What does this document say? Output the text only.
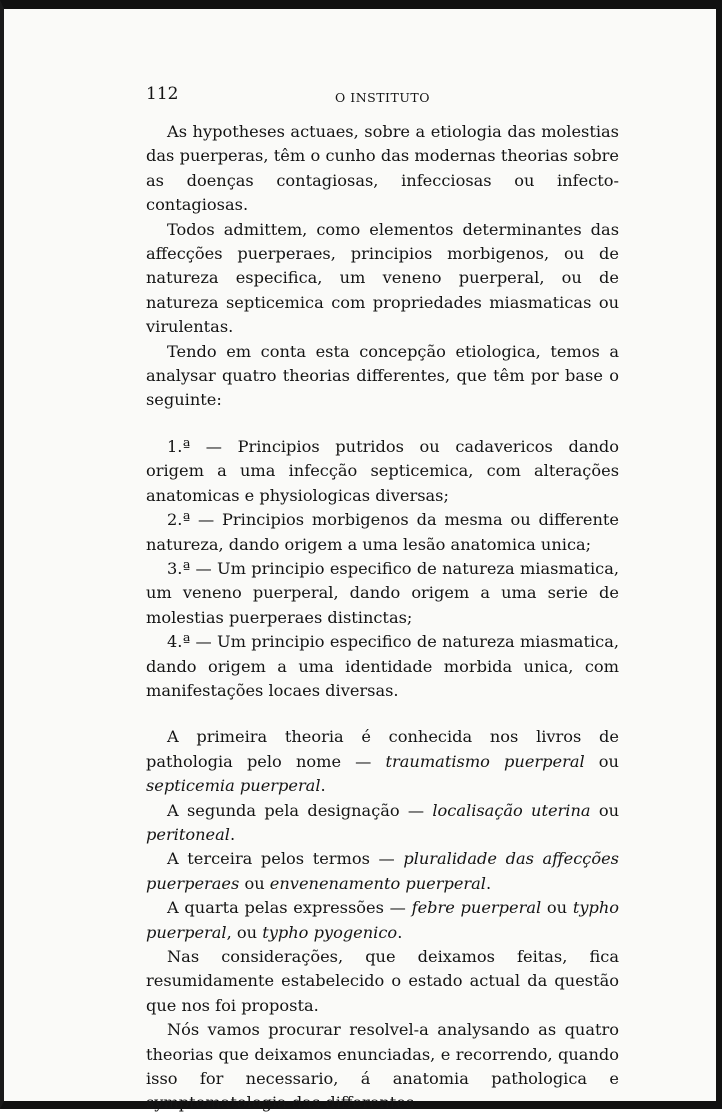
112	O INSTITUTO

As hypotheses actuaes, sobre a etiologia das molestias das puerperas, têm o cunho das modernas theorias sobre as doenças contagiosas, infecciosas ou infecto-contagiosas.

Todos admittem, como elementos determinantes das affecções puerperaes, principios morbigenos, ou de natureza especifica, um veneno puerperal, ou de natureza septicemica com propriedades miasmaticas ou virulentas.

Tendo em conta esta concepção etiologica, temos a analysar quatro theorias differentes, que têm por base o seguinte:

1.ª — Principios putridos ou cadavericos dando origem a uma infecção septicemica, com alterações anatomicas e physiologicas diversas;

2.ª — Principios morbigenos da mesma ou differente natureza, dando origem a uma lesão anatomica unica;

3.ª — Um principio especifico de natureza miasmatica, um veneno puerperal, dando origem a uma serie de molestias puerperaes distinctas;

4.ª — Um principio especifico de natureza miasmatica, dando origem a uma identidade morbida unica, com manifestações locaes diversas.

A primeira theoria é conhecida nos livros de pathologia pelo nome — traumatismo puerperal ou septicemia puerperal.

A segunda pela designação — localisação uterina ou peritoneal.

A terceira pelos termos — pluralidade das affecções puerperaes ou envenenamento puerperal.

A quarta pelas expressões — febre puerperal ou typho puerperal, ou typho pyogenico.

Nas considerações, que deixamos feitas, fica resumidamente estabelecido o estado actual da questão que nos foi proposta.

Nós vamos procurar resolvel-a analysando as quatro theorias que deixamos enunciadas, e recorrendo, quando isso for necessario, á anatomia pathologica e symptomatologia das differentes
